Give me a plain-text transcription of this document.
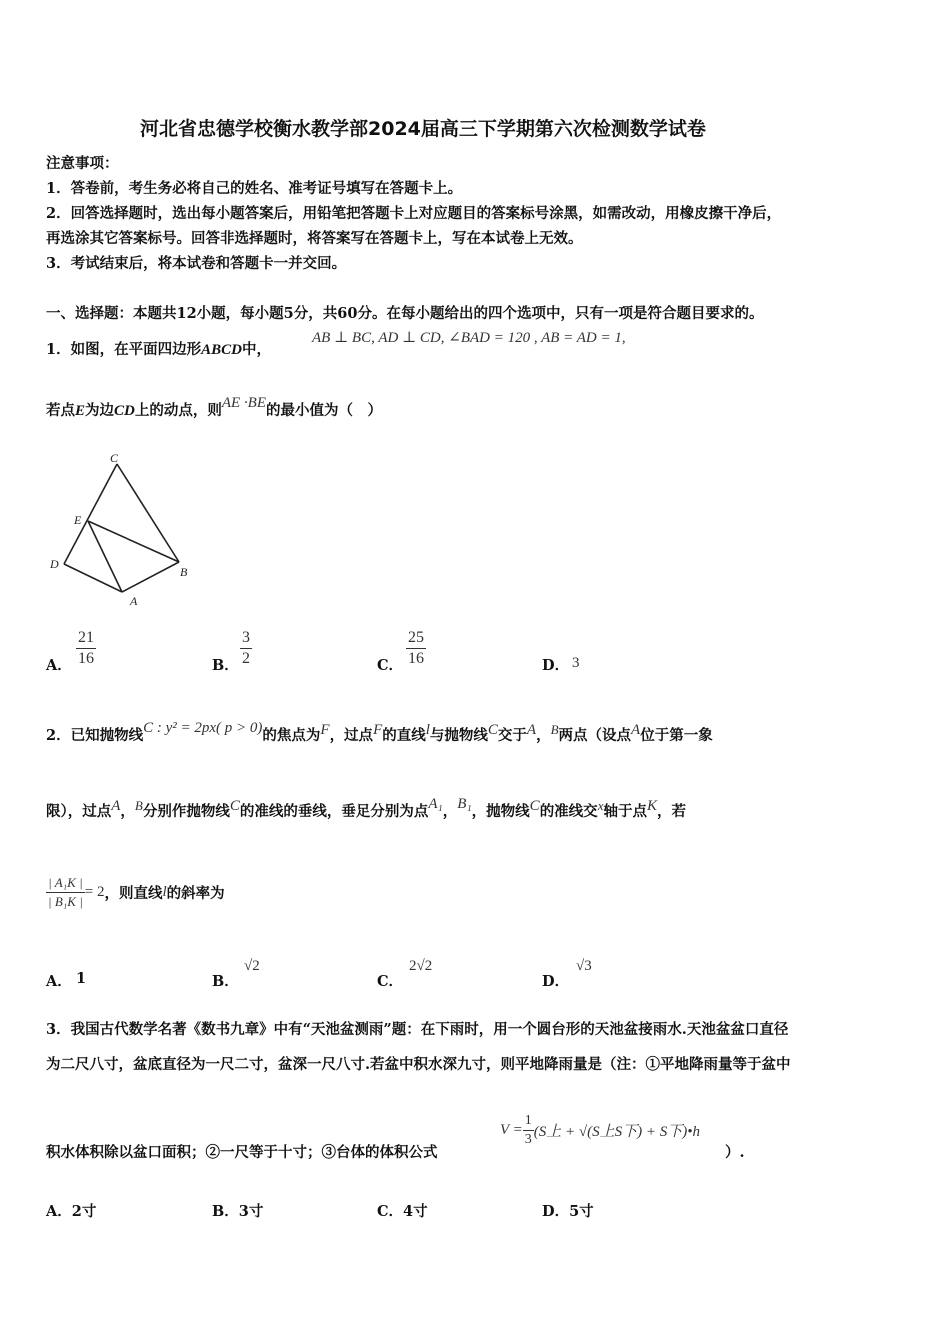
河北省忠德学校衡水教学部2024届高三下学期第六次检测数学试卷
注意事项：
1．答卷前，考生务必将自己的姓名、准考证号填写在答题卡上。
2．回答选择题时，选出每小题答案后，用铅笔把答题卡上对应题目的答案标号涂黑，如需改动，用橡皮擦干净后，
再选涂其它答案标号。回答非选择题时，将答案写在答题卡上，写在本试卷上无效。
3．考试结束后，将本试卷和答题卡一并交回。
一、选择题：本题共12小题，每小题5分，共60分。在每小题给出的四个选项中，只有一项是符合题目要求的。
1．如图，在平面四边形ABCD中，
AB ⊥ BC, AD ⊥ CD, ∠BAD = 120 , AB = AD = 1,
若点E为边CD上的动点，则AE ·BE的最小值为（　）
C
E
D
B
A
A． $\frac{21}{16}$	B． $\frac{3}{2}$	C． $\frac{25}{16}$	D． 3
2．已知抛物线C : y² = 2px( p > 0)的焦点为F，过点F的直线l与抛物线C交于A，B两点（设点A位于第一象
限），过点A，B分别作抛物线C的准线的垂线，垂足分别为点A₁，B₁，抛物线C的准线交x轴于点K，若
$\frac{\text{| A₁K |}}{\text{| B₁K |}} = 2$，则直线l的斜率为
A． 1	B．
√2
C．
2√2
D．
√3
3．我国古代数学名著《数书九章》中有“天池盆测雨”题：在下雨时，用一个圆台形的天池盆接雨水.天池盆盆口直径
为二尺八寸，盆底直径为一尺二寸，盆深一尺八寸.若盆中积水深九寸，则平地降雨量是（注：①平地降雨量等于盆中
积水体积除以盆口面积；②一尺等于十寸；③台体的体积公式
$V = \frac{1}{3} (S$上 + √(S上S下) + S下)•h
）.
A．2寸	B．3寸	C．4寸	D．5寸
